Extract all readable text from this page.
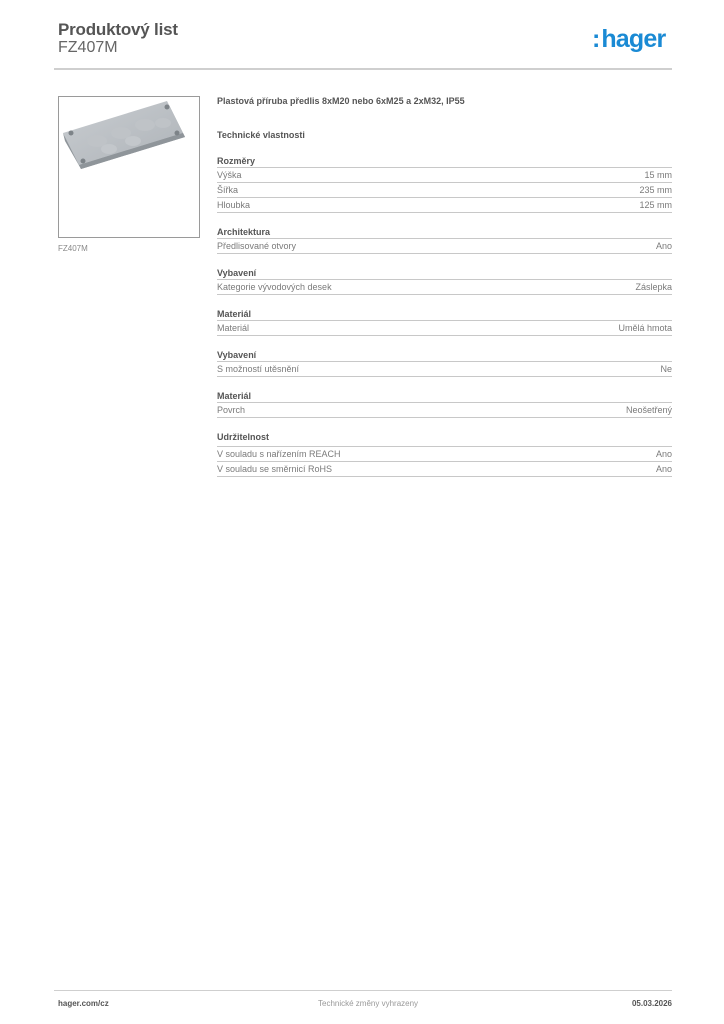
Produktový list
FZ407M	:hager
FZ407M
Plastová příruba předlis 8xM20 nebo 6xM25 a 2xM32, IP55
Technické vlastnosti
Rozměry
Výška	15 mm
Šířka	235 mm
Hloubka	125 mm
Architektura
Předlisované otvory	Ano
Vybavení
Kategorie vývodových desek	Záslepka
Materiál
Materiál	Umělá hmota
Vybavení
S možností utěsnění	Ne
Materiál
Povrch	Neošetřený
Udržitelnost
V souladu s nařízením REACH	Ano
V souladu se směrnicí RoHS	Ano
hager.com/cz	Technické změny vyhrazeny	05.03.2026
